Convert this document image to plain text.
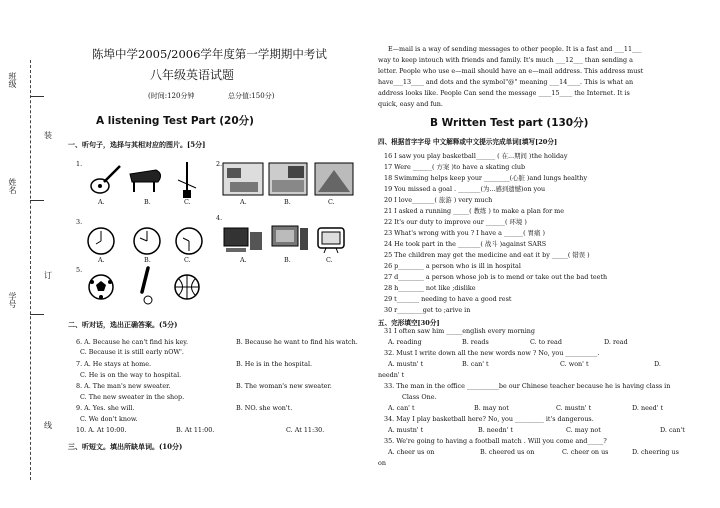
班级
姓名
学号
装
订
线
陈埠中学2005/2006学年度第一学期期中考试
八年级英语试题
(时间:120分钟	总分值:150分)
A listening Test Part (20分)
一、听句子，选择与其相对应的图片。[5分]
1.
A.	B.	C.
2.
A.	B.	C.
3.
A.	B.	C.
4.
A.	B.	C.
5.
二、听对话，选出正确答案。(5分)
6. A. Because he can't find his key.	B. Because he want to find his watch.
C. Because it is still early nOW'.
7. A. He stays at home.	B. He is in the hospital.
C. He is on the way to hospital.
8. A. The man's new sweater.	B. The woman's new sweater.
C. The new sweater in the shop.
9. A. Yes. she will.	B. NO. she won't.
C. We don't know.
10. A. At 10:00.	B. At 11:00.	C. At 11:30.
三、听短文。填出所缺单词。(10分)
E—mail is a way of sending messages to other people. It is a fast and ___11___
way to keep intouch with friends and family. It's much ___12___ than sending a
letter. People who use e—mail should have an e—mail address. This address must
have___13____ and dots and the symbol"@" meaning ___14____. This is what an
address looks like. People Can send the message ____15____ the Internet. It is
quick, easy and fun.
B Written Test part (130分)
四、根据首字字母 中文解释或中文提示完成单词[填写[20分]
16 I saw you play basketball______ ( 在...期间 )the holiday
17 Were ______( 方案 )to have a skating club
18 Swimming helps keep your ________(心脏 )and lungs healthy
19 You missed a goal . _______(为...感到遗憾)on you
20 I love_______( 旅游 ) very much
21 I asked a running _____( 教练 ) to make a plan for me
22 It's our duty to improve our ______( 环境 )
23 What's wrong with you ? I have a ______( 胃痛 )
24 He took part in the _______( 战斗 )against SARS
25 The children may get the medicine and eat it by _____( 错误 )
26 p________ a person who is ill in hospital
27 d________ a person whose job is to mend or take out the bad teeth
28 h________ not like ;dislike
29 t_______ needing to have a good rest
30 r________get to ;arive in
五、完形填空[30分]
31 I often saw him _____english every morning
A. reading	B. reads	C. to read	D. read
32. Must I write down all the new words now ? No, you __________.
A. mustn' t	B. can' t	C. won' t	D.
needn' t
33. The man in the office __________be our Chinese teacher because he is having class in
Class One.
A. can' t	B. may not	C. mustn' t	D. need' t
34. May I play basketball here? No, you _________ it's dangerous.
A. mustn' t	B. needn' t	C. may not	D. can't
35. We're going to having a football match . Will you come and_____?
A. cheer us on	B. cheered us on	C. cheer on us	D. cheering us
on
